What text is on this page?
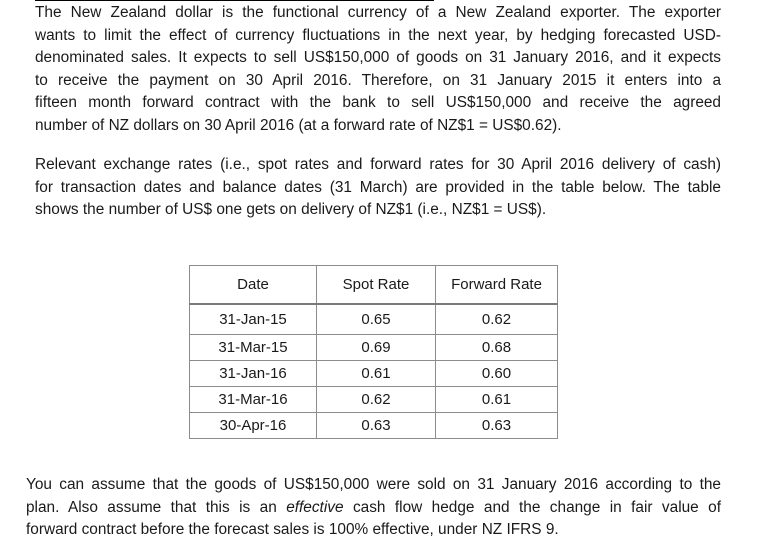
The New Zealand dollar is the functional currency of a New Zealand exporter. The exporter
wants to limit the effect of currency fluctuations in the next year, by hedging forecasted USD-
denominated sales. It expects to sell US$150,000 of goods on 31 January 2016, and it expects
to receive the payment on 30 April 2016. Therefore, on 31 January 2015 it enters into a
fifteen month forward contract with the bank to sell US$150,000 and receive the agreed
number of NZ dollars on 30 April 2016 (at a forward rate of NZ$1 = US$0.62).
Relevant exchange rates (i.e., spot rates and forward rates for 30 April 2016 delivery of cash)
for transaction dates and balance dates (31 March) are provided in the table below. The table
shows the number of US$ one gets on delivery of NZ$1 (i.e., NZ$1 = US$).
Date	Spot Rate	Forward Rate
31-Jan-15	0.65	0.62
31-Mar-15	0.69	0.68
31-Jan-16	0.61	0.60
31-Mar-16	0.62	0.61
30-Apr-16	0.63	0.63
You can assume that the goods of US$150,000 were sold on 31 January 2016 according to the
plan. Also assume that this is an effective cash flow hedge and the change in fair value of
forward contract before the forecast sales is 100% effective, under NZ IFRS 9.
